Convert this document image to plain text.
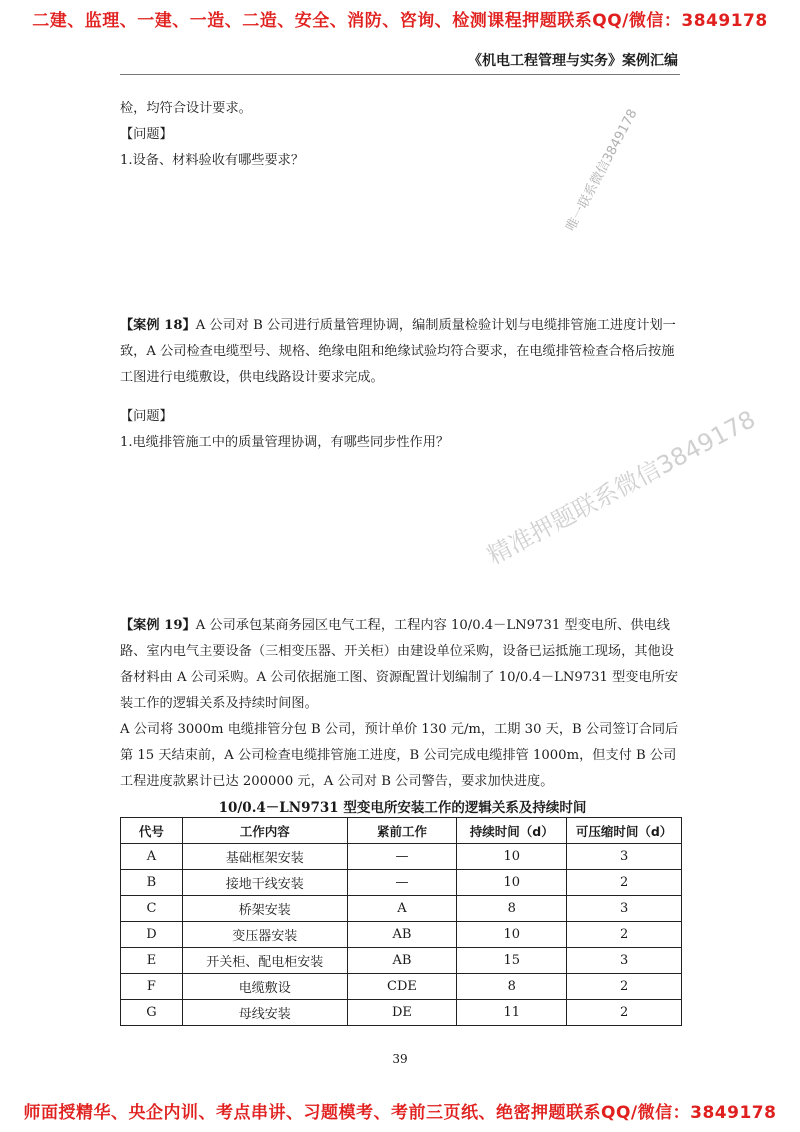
二建、监理、一建、一造、二造、安全、消防、咨询、检测课程押题联系QQ/微信：3849178
《机电工程管理与实务》案例汇编
检，均符合设计要求。
【问题】
1.设备、材料验收有哪些要求？	唯一联系微信3849178
【案例 18】A 公司对 B 公司进行质量管理协调，编制质量检验计划与电缆排管施工进度计划一致，A 公司检查电缆型号、规格、绝缘电阻和绝缘试验均符合要求，在电缆排管检查合格后按施工图进行电缆敷设，供电线路设计要求完成。
【问题】
1.电缆排管施工中的质量管理协调，有哪些同步性作用？	精准押题联系微信3849178
【案例 19】A 公司承包某商务园区电气工程，工程内容 10/0.4－LN9731 型变电所、供电线路、室内电气主要设备（三相变压器、开关柜）由建设单位采购，设备已运抵施工现场，其他设备材料由 A 公司采购。A 公司依据施工图、资源配置计划编制了 10/0.4－LN9731 型变电所安装工作的逻辑关系及持续时间图。
A 公司将 3000m 电缆排管分包 B 公司，预计单价 130 元/m，工期 30 天，B 公司签订合同后第 15 天结束前，A 公司检查电缆排管施工进度，B 公司完成电缆排管 1000m，但支付 B 公司工程进度款累计已达 200000 元，A 公司对 B 公司警告，要求加快进度。
10/0.4－LN9731 型变电所安装工作的逻辑关系及持续时间
代号	工作内容	紧前工作	持续时间（d）	可压缩时间（d）
A	基础框架安装	—	10	3
B	接地干线安装	—	10	2
C	桥架安装	A	8	3
D	变压器安装	AB	10	2
E	开关柜、配电柜安装	AB	15	3
F	电缆敷设	CDE	8	2
G	母线安装	DE	11	2
39
师面授精华、央企内训、考点串讲、习题模考、考前三页纸、绝密押题联系QQ/微信：3849178
